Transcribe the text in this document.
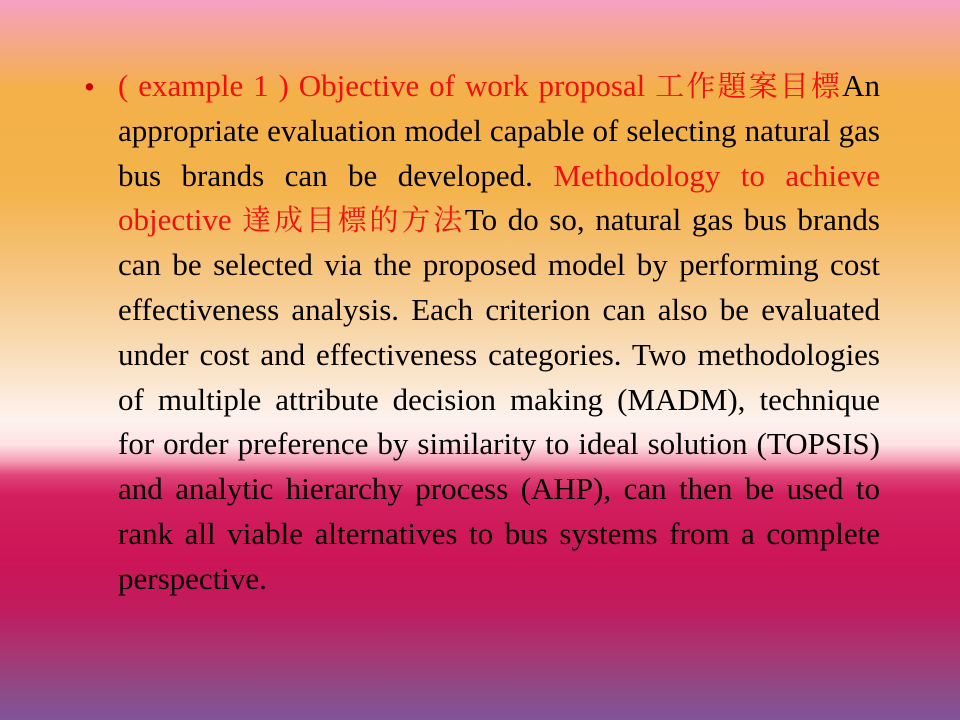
• ( example 1 ) Objective of work proposal 工作題案目標An appropriate evaluation model capable of selecting natural gas bus brands can be developed. Methodology to achieve objective 達成目標的方法To do so, natural gas bus brands can be selected via the proposed model by performing cost effectiveness analysis. Each criterion can also be evaluated under cost and effectiveness categories. Two methodologies of multiple attribute decision making (MADM), technique for order preference by similarity to ideal solution (TOPSIS) and analytic hierarchy process (AHP), can then be used to rank all viable alternatives to bus systems from a complete perspective.
